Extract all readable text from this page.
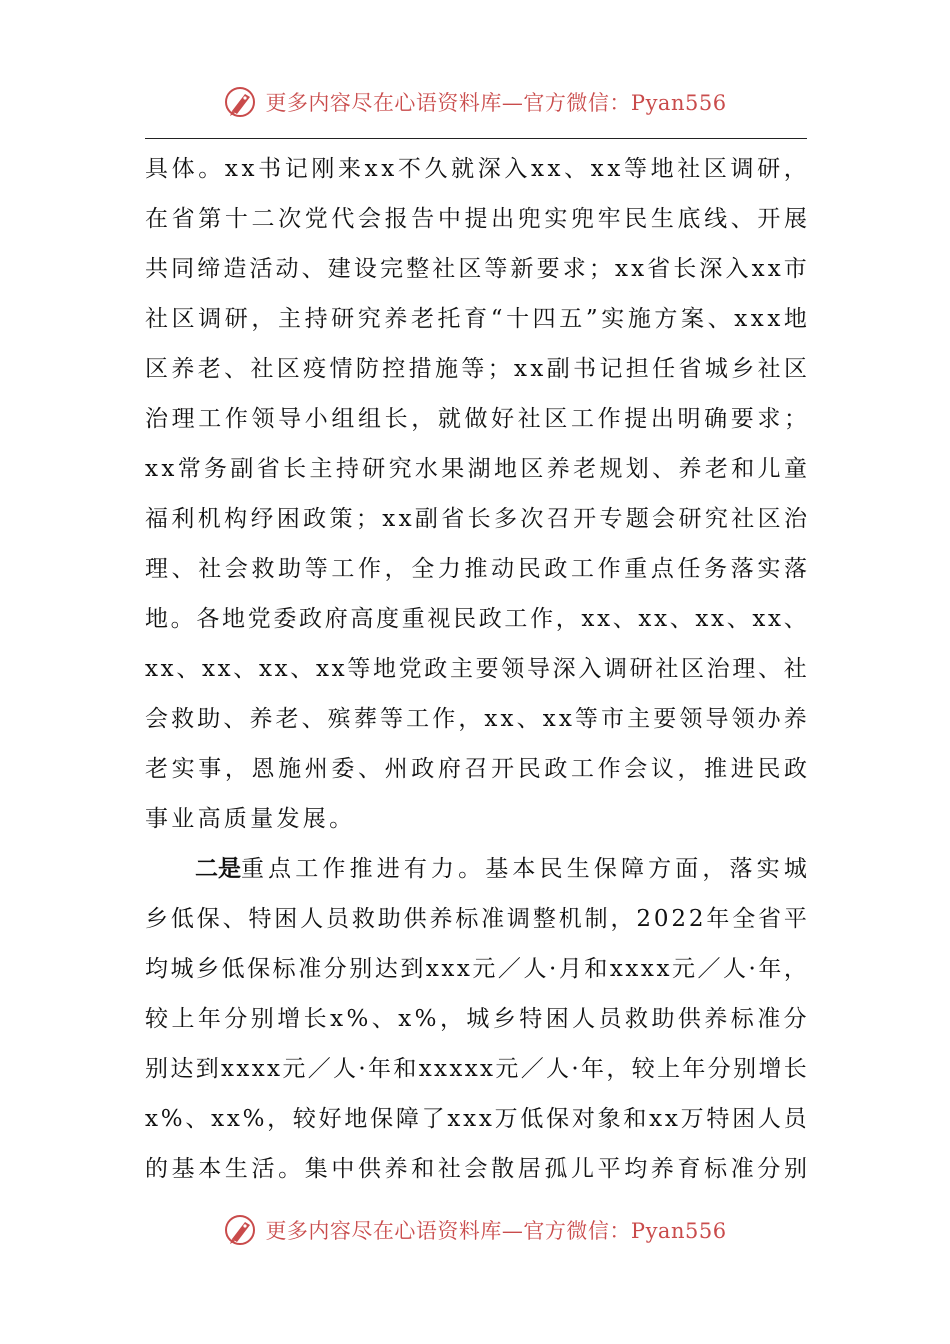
更多内容尽在心语资料库—官方微信：Pyan556
具 体 。 x x 书 记 刚 来 x x 不 久 就 深 入 x x 、 x x 等 地 社 区 调 研 ，
在 省 第 十 二 次 党 代 会 报 告 中 提 出 兜 实 兜 牢 民 生 底 线 、 开 展
共 同 缔 造 活 动 、 建 设 完 整 社 区 等 新 要 求 ； x x 省 长 深 入 x x 市
社 区 调 研 ， 主 持 研 究 养 老 托 育 “ 十 四 五 ” 实 施 方 案 、 x x x 地
区 养 老 、 社 区 疫 情 防 控 措 施 等 ； x x 副 书 记 担 任 省 城 乡 社 区
治 理 工 作 领 导 小 组 组 长 ， 就 做 好 社 区 工 作 提 出 明 确 要 求 ；
x x 常 务 副 省 长 主 持 研 究 水 果 湖 地 区 养 老 规 划 、 养 老 和 儿 童
福 利 机 构 纾 困 政 策 ； x x 副 省 长 多 次 召 开 专 题 会 研 究 社 区 治
理 、 社 会 救 助 等 工 作 ， 全 力 推 动 民 政 工 作 重 点 任 务 落 实 落
地 。 各 地 党 委 政 府 高 度 重 视 民 政 工 作 ， x x 、 x x 、 x x 、 x x 、
x x 、 x x 、 x x 、 x x 等 地 党 政 主 要 领 导 深 入 调 研 社 区 治 理 、 社
会 救 助 、 养 老 、 殡 葬 等 工 作 ， x x 、 x x 等 市 主 要 领 导 领 办 养
老 实 事 ， 恩 施 州 委 、 州 政 府 召 开 民 政 工 作 会 议 ， 推 进 民 政
事业高质量发展。
二是 重 点 工 作 推 进 有 力 。 基 本 民 生 保 障 方 面 ， 落 实 城
乡 低 保 、 特 困 人 员 救 助 供 养 标 准 调 整 机 制 ， 2 0 2 2 年 全 省 平
均 城 乡 低 保 标 准 分 别 达 到 x x x 元 ／ 人 · 月 和 x x x x 元 ／ 人 · 年 ，
较 上 年 分 别 增 长 x % 、 x % ， 城 乡 特 困 人 员 救 助 供 养 标 准 分
别 达 到 x x x x 元 ／ 人 · 年 和 x x x x x 元 ／ 人 · 年 ， 较 上 年 分 别 增 长
x % 、 x x % ， 较 好 地 保 障 了 x x x 万 低 保 对 象 和 x x 万 特 困 人 员
的 基 本 生 活 。 集 中 供 养 和 社 会 散 居 孤 儿 平 均 养 育 标 准 分 别
更多内容尽在心语资料库—官方微信：Pyan556
